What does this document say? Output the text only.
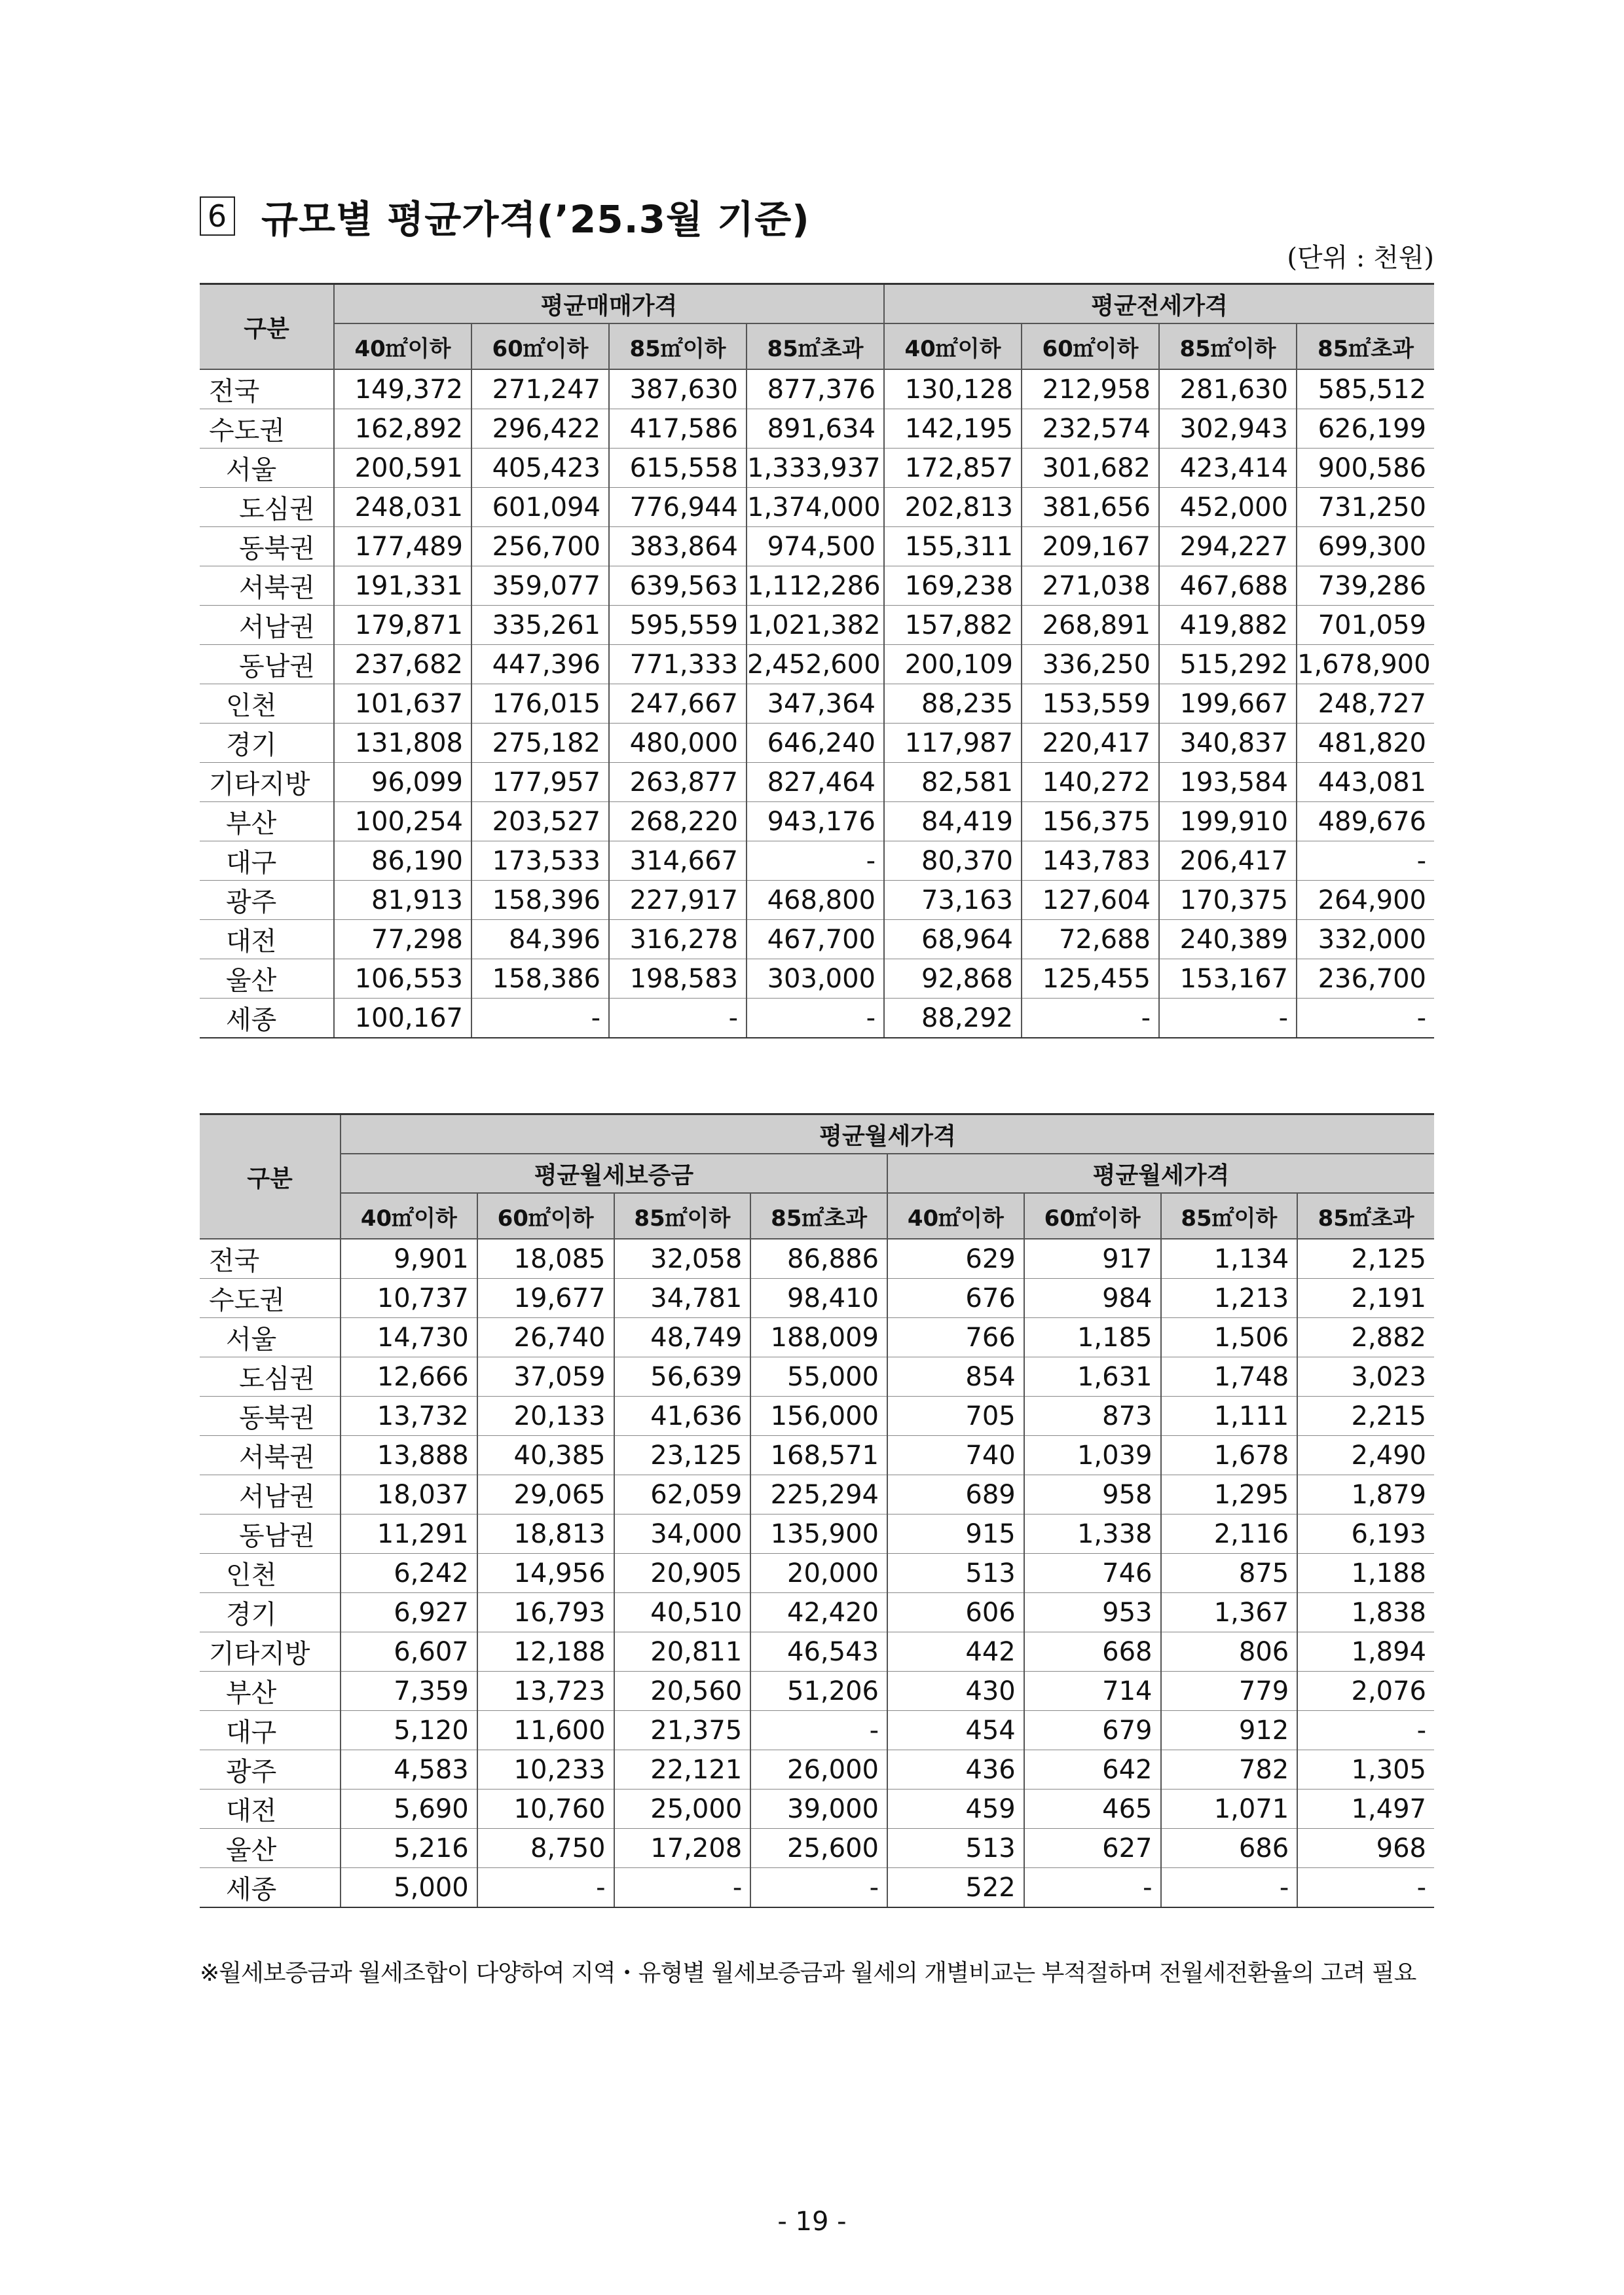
6 규모별 평균가격(’25.3월 기준)
(단위 : 천원)
구분	평균매매가격				평균전세가격			
	40㎡이하	60㎡이하	85㎡이하	85㎡초과	40㎡이하	60㎡이하	85㎡이하	85㎡초과
전국	149,372	271,247	387,630	877,376	130,128	212,958	281,630	585,512
수도권	162,892	296,422	417,586	891,634	142,195	232,574	302,943	626,199
서울	200,591	405,423	615,558	1,333,937	172,857	301,682	423,414	900,586
도심권	248,031	601,094	776,944	1,374,000	202,813	381,656	452,000	731,250
동북권	177,489	256,700	383,864	974,500	155,311	209,167	294,227	699,300
서북권	191,331	359,077	639,563	1,112,286	169,238	271,038	467,688	739,286
서남권	179,871	335,261	595,559	1,021,382	157,882	268,891	419,882	701,059
동남권	237,682	447,396	771,333	2,452,600	200,109	336,250	515,292	1,678,900
인천	101,637	176,015	247,667	347,364	88,235	153,559	199,667	248,727
경기	131,808	275,182	480,000	646,240	117,987	220,417	340,837	481,820
기타지방	96,099	177,957	263,877	827,464	82,581	140,272	193,584	443,081
부산	100,254	203,527	268,220	943,176	84,419	156,375	199,910	489,676
대구	86,190	173,533	314,667	-	80,370	143,783	206,417	-
광주	81,913	158,396	227,917	468,800	73,163	127,604	170,375	264,900
대전	77,298	84,396	316,278	467,700	68,964	72,688	240,389	332,000
울산	106,553	158,386	198,583	303,000	92,868	125,455	153,167	236,700
세종	100,167	-	-	-	88,292	-	-	-
구분	평균월세가격							
	평균월세보증금				평균월세가격			
	40㎡이하	60㎡이하	85㎡이하	85㎡초과	40㎡이하	60㎡이하	85㎡이하	85㎡초과
전국	9,901	18,085	32,058	86,886	629	917	1,134	2,125
수도권	10,737	19,677	34,781	98,410	676	984	1,213	2,191
서울	14,730	26,740	48,749	188,009	766	1,185	1,506	2,882
도심권	12,666	37,059	56,639	55,000	854	1,631	1,748	3,023
동북권	13,732	20,133	41,636	156,000	705	873	1,111	2,215
서북권	13,888	40,385	23,125	168,571	740	1,039	1,678	2,490
서남권	18,037	29,065	62,059	225,294	689	958	1,295	1,879
동남권	11,291	18,813	34,000	135,900	915	1,338	2,116	6,193
인천	6,242	14,956	20,905	20,000	513	746	875	1,188
경기	6,927	16,793	40,510	42,420	606	953	1,367	1,838
기타지방	6,607	12,188	20,811	46,543	442	668	806	1,894
부산	7,359	13,723	20,560	51,206	430	714	779	2,076
대구	5,120	11,600	21,375	-	454	679	912	-
광주	4,583	10,233	22,121	26,000	436	642	782	1,305
대전	5,690	10,760	25,000	39,000	459	465	1,071	1,497
울산	5,216	8,750	17,208	25,600	513	627	686	968
세종	5,000	-	-	-	522	-	-	-
※월세보증금과 월세조합이 다양하여 지역・유형별 월세보증금과 월세의 개별비교는 부적절하며 전월세전환율의 고려 필요
- 19 -
